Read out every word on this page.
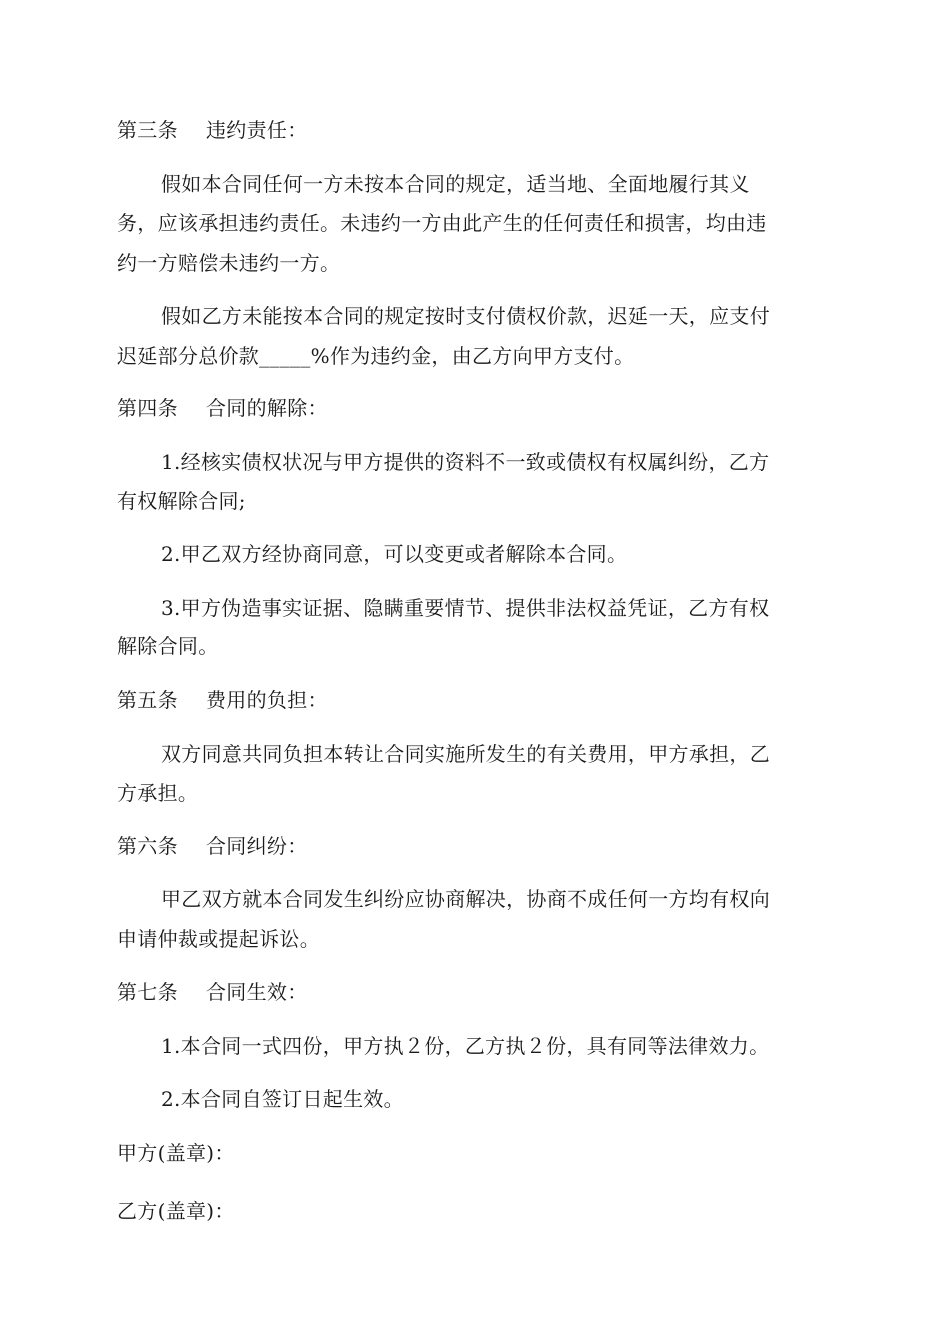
第三条 违约责任：
假如本合同任何一方未按本合同的规定，适当地、全面地履行其义
务，应该承担违约责任。未违约一方由此产生的任何责任和损害，均由违
约一方赔偿未违约一方。
假如乙方未能按本合同的规定按时支付债权价款，迟延一天，应支付
迟延部分总价款_____%作为违约金，由乙方向甲方支付。
第四条 合同的解除：
1.经核实债权状况与甲方提供的资料不一致或债权有权属纠纷，乙方
有权解除合同;
2.甲乙双方经协商同意，可以变更或者解除本合同。
3.甲方伪造事实证据、隐瞒重要情节、提供非法权益凭证，乙方有权
解除合同。
第五条 费用的负担：
双方同意共同负担本转让合同实施所发生的有关费用，甲方承担，乙
方承担。
第六条 合同纠纷：
甲乙双方就本合同发生纠纷应协商解决，协商不成任何一方均有权向
申请仲裁或提起诉讼。
第七条 合同生效：
1.本合同一式四份，甲方执２份，乙方执２份，具有同等法律效力。
2.本合同自签订日起生效。
甲方(盖章)：
乙方(盖章)：
